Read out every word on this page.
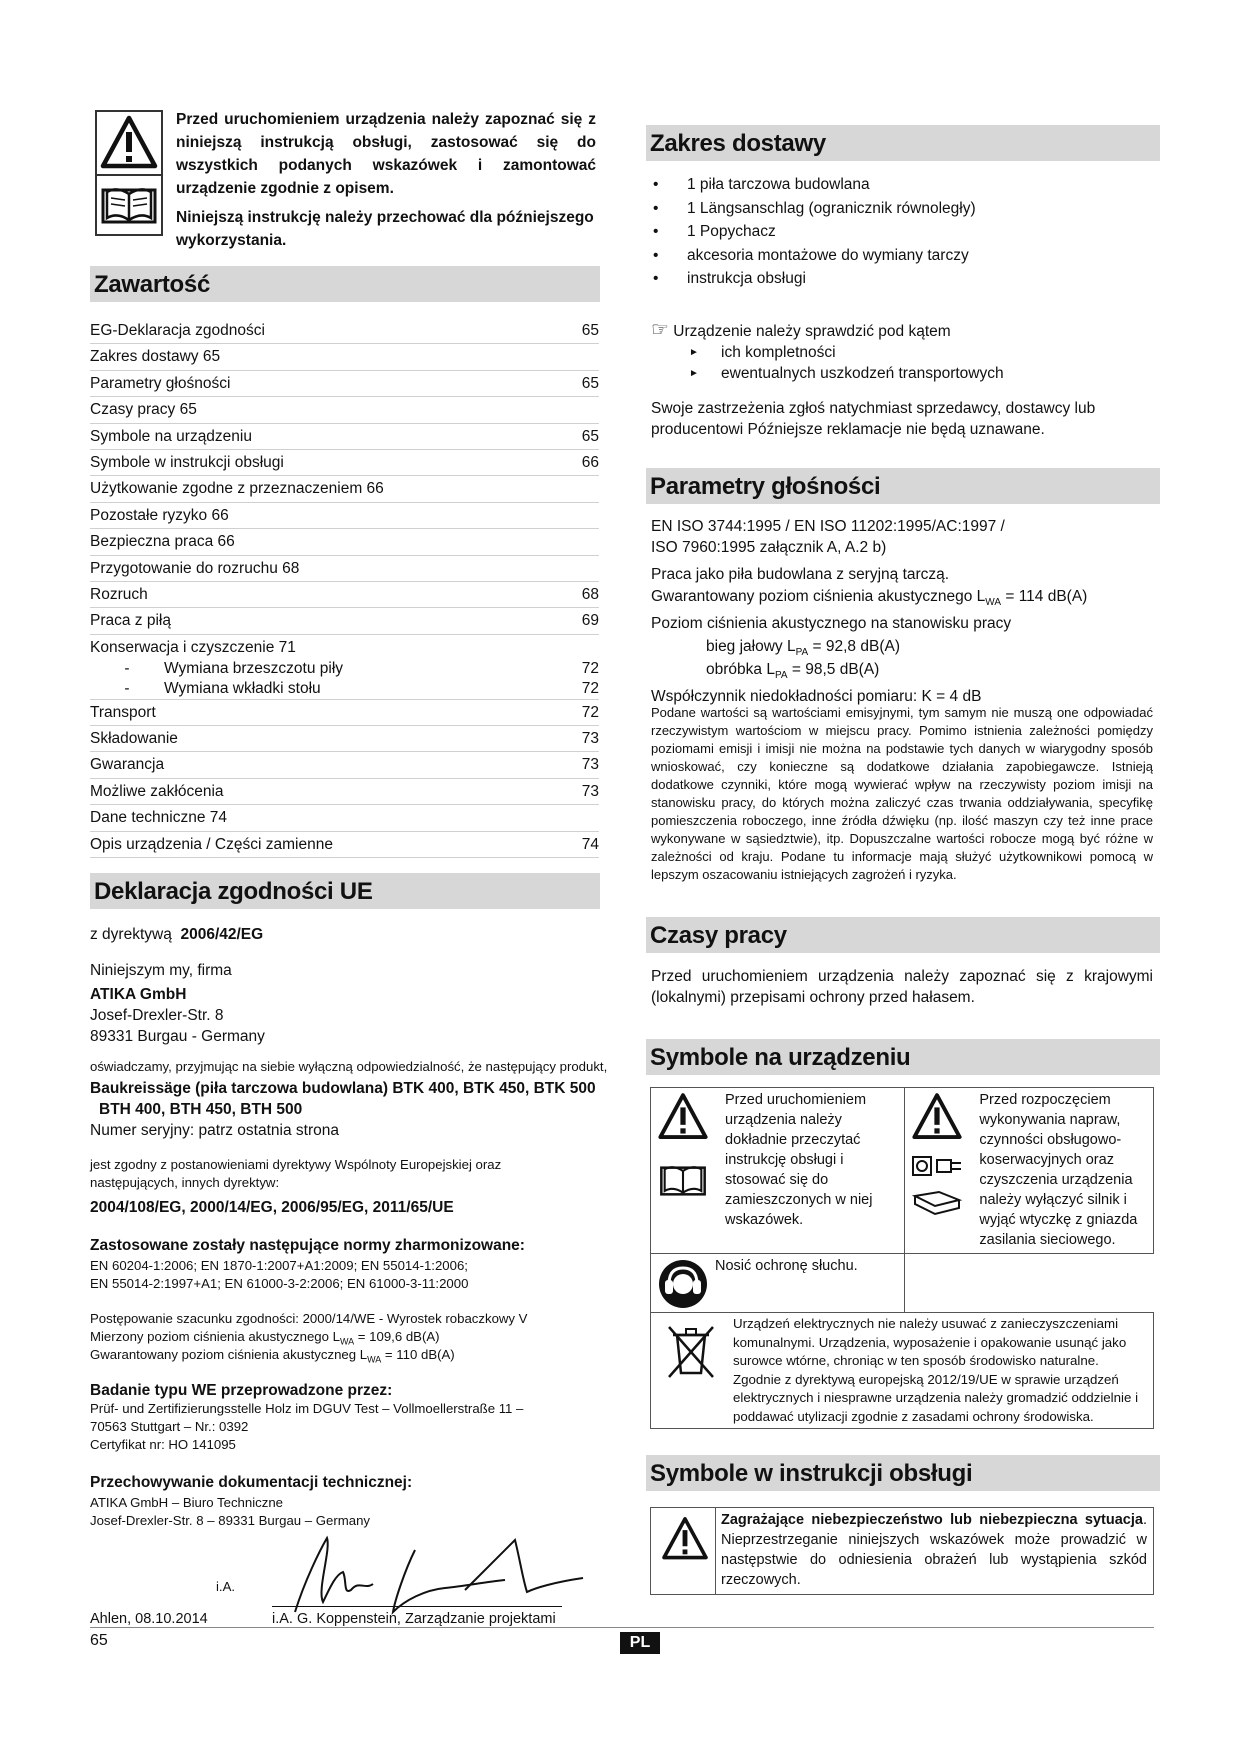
Przed uruchomieniem urządzenia należy zapoznać się z niniejszą instrukcją obsługi, zastosować się do wszystkich podanych wskazówek i zamontować urządzenie zgodnie z opisem.
Niniejszą instrukcję należy przechować dla późniejszego wykorzystania.
Zawartość
EG-Deklaracja zgodności	65
Zakres dostawy 65
Parametry głośności	65
Czasy pracy 65
Symbole na urządzeniu	65
Symbole w instrukcji obsługi	66
Użytkowanie zgodne z przeznaczeniem 66
Pozostałe ryzyko 66
Bezpieczna praca 66
Przygotowanie do rozruchu 68
Rozruch	68
Praca z piłą	69
Konserwacja i czyszczenie 71
- Wymiana brzeszczotu piły	72
- Wymiana wkładki stołu	72
Transport	72
Składowanie	73
Gwarancja	73
Możliwe zakłócenia	73
Dane techniczne 74
Opis urządzenia / Części zamienne	74
Deklaracja zgodności UE
z dyrektywą 2006/42/EG
Niniejszym my, firma
ATIKA GmbH
Josef-Drexler-Str. 8
89331 Burgau - Germany
oświadczamy, przyjmując na siebie wyłączną odpowiedzialność, że następujący produkt,
Baukreissäge (piła tarczowa budowlana) BTK 400, BTK 450, BTK 500
BTH 400, BTH 450, BTH 500
Numer seryjny: patrz ostatnia strona
jest zgodny z postanowieniami dyrektywy Wspólnoty Europejskiej oraz następujących, innych dyrektyw:
2004/108/EG, 2000/14/EG, 2006/95/EG, 2011/65/UE
Zastosowane zostały następujące normy zharmonizowane:
EN 60204-1:2006; EN 1870-1:2007+A1:2009; EN 55014-1:2006;
EN 55014-2:1997+A1; EN 61000-3-2:2006; EN 61000-3-11:2000
Postępowanie szacunku zgodności: 2000/14/WE - Wyrostek robaczkowy V
Mierzony poziom ciśnienia akustycznego $L_{WA} = 109,6$ dB(A)
Gwarantowany poziom ciśnienia akustyczneg $L_{WA} = 110$ dB(A)
Badanie typu WE przeprowadzone przez:
Prüf- und Zertifizierungsstelle Holz im DGUV Test – Vollmoellerstraße 11 –
70563 Stuttgart – Nr.: 0392
Certyfikat nr: HO 141095
Przechowywanie dokumentacji technicznej:
ATIKA GmbH – Biuro Techniczne
Josef-Drexler-Str. 8 – 89331 Burgau – Germany
i.A.
Ahlen, 08.10.2014	i.A. G. Koppenstein, Zarządzanie projektami
Zakres dostawy
• 1 piła tarczowa budowlana
• 1 Längsanschlag (ogranicznik równoległy)
• 1 Popychacz
• akcesoria montażowe do wymiany tarczy
• instrukcja obsługi
☞ Urządzenie należy sprawdzić pod kątem
► ich kompletności
► ewentualnych uszkodzeń transportowych
Swoje zastrzeżenia zgłoś natychmiast sprzedawcy, dostawcy lub producentowi Późniejsze reklamacje nie będą uznawane.
Parametry głośności
EN ISO 3744:1995 / EN ISO 11202:1995/AC:1997 /
ISO 7960:1995 załącznik A, A.2 b)
Praca jako piła budowlana z seryjną tarczą.
Gwarantowany poziom ciśnienia akustycznego $L_{WA} = 114$ dB(A)
Poziom ciśnienia akustycznego na stanowisku pracy
bieg jałowy $L_{PA} = 92,8$ dB(A)
obróbka $L_{PA} = 98,5$ dB(A)
Współczynnik niedokładności pomiaru: K = 4 dB
Podane wartości są wartościami emisyjnymi, tym samym nie muszą one odpowiadać rzeczywistym wartościom w miejscu pracy. Pomimo istnienia zależności pomiędzy poziomami emisji i imisji nie można na podstawie tych danych w wiarygodny sposób wnioskować, czy konieczne są dodatkowe działania zapobiegawcze. Istnieją dodatkowe czynniki, które mogą wywierać wpływ na rzeczywisty poziom imisji na stanowisku pracy, do których można zaliczyć czas trwania oddziaływania, specyfikę pomieszczenia roboczego, inne źródła dźwięku (np. ilość maszyn czy też inne prace wykonywane w sąsiedztwie), itp. Dopuszczalne wartości robocze mogą być różne w zależności od kraju. Podane tu informacje mają służyć użytkownikowi pomocą w lepszym oszacowaniu istniejących zagrożeń i ryzyka.
Czasy pracy
Przed uruchomieniem urządzenia należy zapoznać się z krajowymi (lokalnymi) przepisami ochrony przed hałasem.
Symbole na urządzeniu

Przed uruchomieniem urządzenia należy dokładnie przeczytać instrukcję obsługi i stosować się do zamieszczonych w niej wskazówek.	Przed rozpoczęciem wykonywania napraw, czynności obsługowo-koserwacyjnych oraz czyszczenia urządzenia należy wyłączyć silnik i wyjąć wtyczkę z gniazda zasilania sieciowego.

Nosić ochronę słuchu.	

Urządzeń elektrycznych nie należy usuwać z zanieczyszczeniami komunalnymi. Urządzenia, wyposażenie i opakowanie usunąć jako surowce wtórne, chroniąc w ten sposób środowisko naturalne. Zgodnie z dyrektywą europejską 2012/19/UE w sprawie urządzeń elektrycznych i niesprawne urządzenia należy gromadzić oddzielnie i poddawać utylizacji zgodnie z zasadami ochrony środowiska.	
Symbole w instrukcji obsługi
Zagrażające niebezpieczeństwo lub niebezpieczna sytuacja. Nieprzestrzeganie niniejszych wskazówek może prowadzić w następstwie do odniesienia obrażeń lub wystąpienia szkód rzeczowych.
65	PL
